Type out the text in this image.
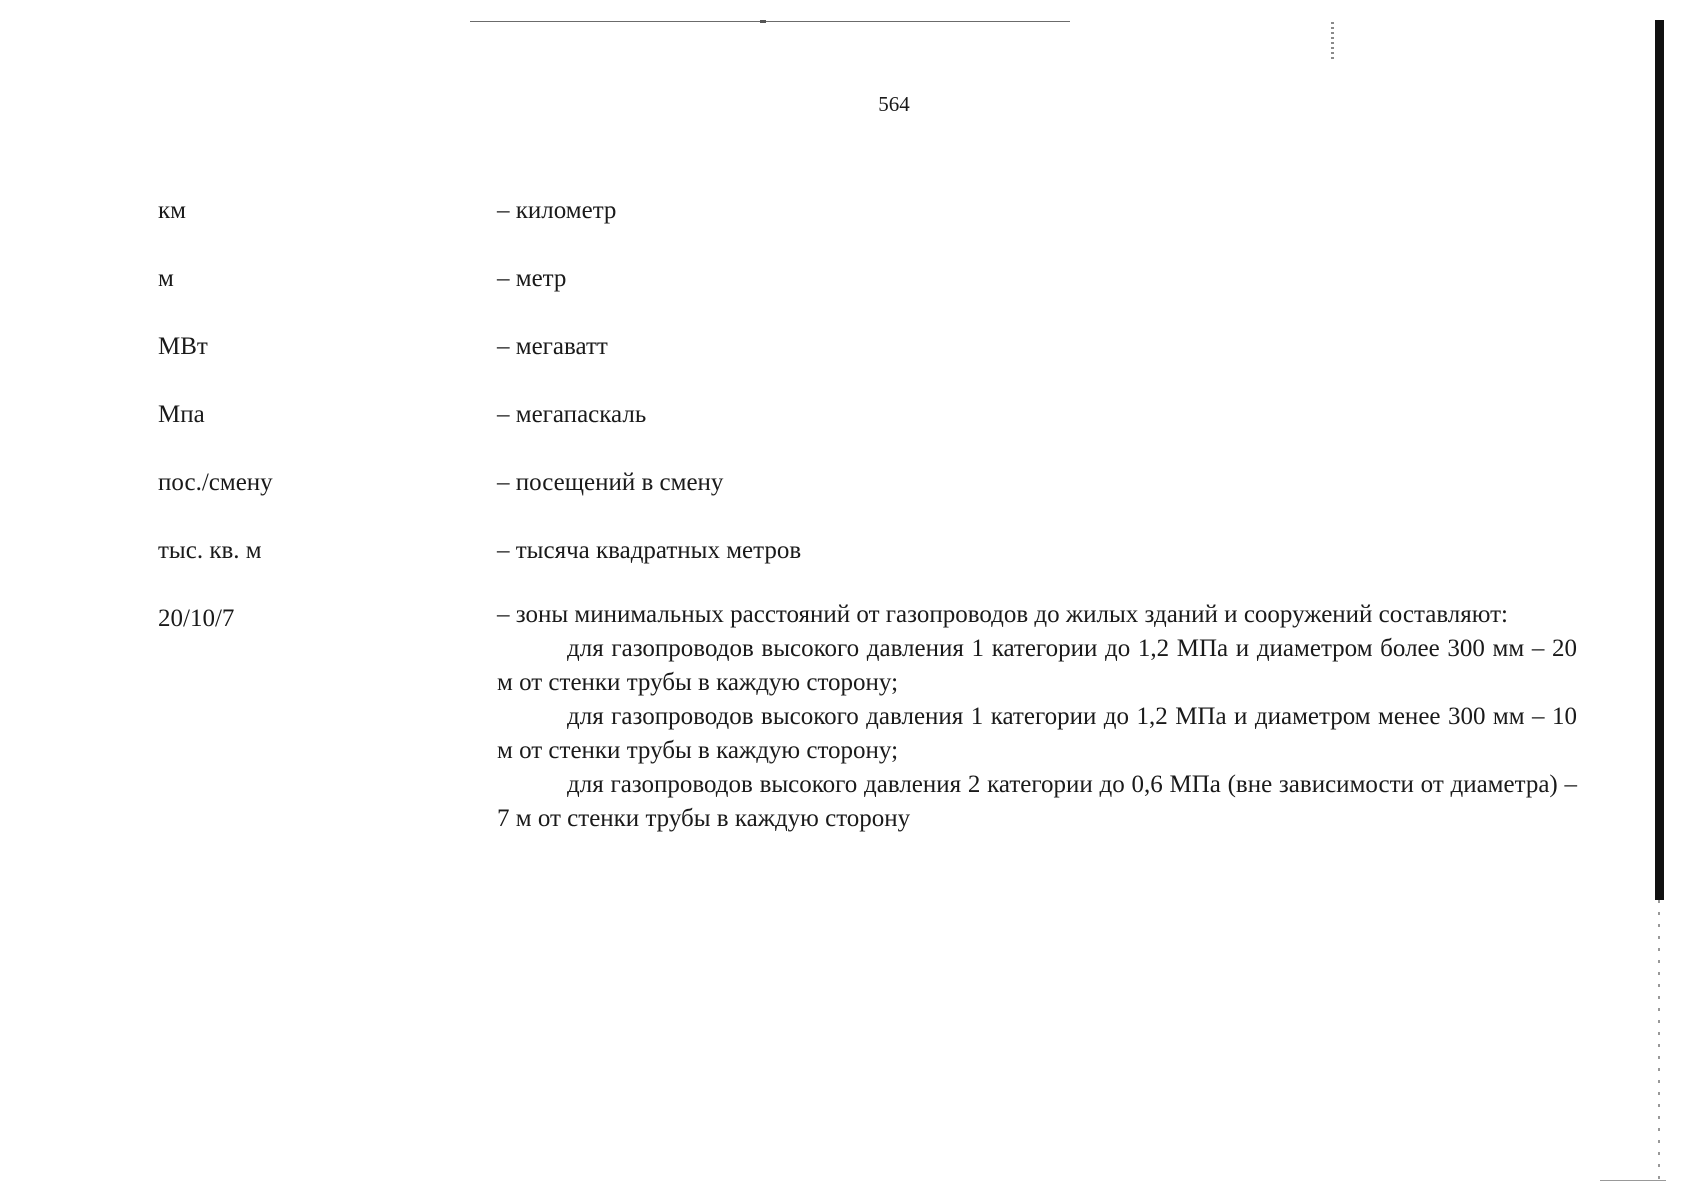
564
км	– километр
м	– метр
МВт	– мегаватт
Мпа	– мегапаскаль
пос./смену	– посещений в смену
тыс. кв. м	– тысяча квадратных метров
20/10/7	– зоны минимальных расстояний от газопроводов до жилых зданий и сооружений составляют:

для газопроводов высокого давления 1 категории до 1,2 МПа и диаметром более 300 мм – 20 м от стенки трубы в каждую сторону;

для газопроводов высокого давления 1 категории до 1,2 МПа и диаметром менее 300 мм – 10 м от стенки трубы в каждую сторону;

для газопроводов высокого давления 2 категории до 0,6 МПа (вне зависимости от диаметра) – 7 м от стенки трубы в каждую сторону
